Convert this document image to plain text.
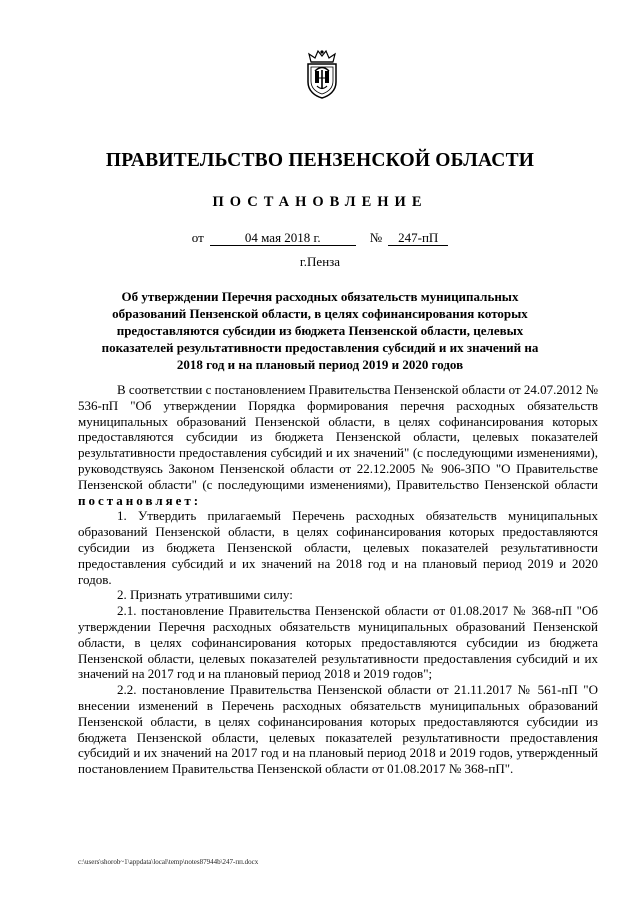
ПРАВИТЕЛЬСТВО ПЕНЗЕНСКОЙ ОБЛАСТИ
ПОСТАНОВЛЕНИЕ
от	04 мая 2018 г.	№ 247-пП
г.Пенза
Об утверждении Перечня расходных обязательств муниципальных образований Пензенской области, в целях софинансирования которых предоставляются субсидии из бюджета Пензенской области, целевых показателей результативности предоставления субсидий и их значений на 2018 год и на плановый период 2019 и 2020 годов

В соответствии с постановлением Правительства Пензенской области от 24.07.2012 № 536-пП "Об утверждении Порядка формирования перечня расходных обязательств муниципальных образований Пензенской области, в целях софинансирования которых предоставляются субсидии из бюджета Пензенской области, целевых показателей результативности предоставления субсидий и их значений" (с последующими изменениями), руководствуясь Законом Пензенской области от 22.12.2005 № 906-ЗПО "О Правительстве Пензенской области" (с последующими изменениями), Правительство Пензенской области постановляет:

1. Утвердить прилагаемый Перечень расходных обязательств муниципальных образований Пензенской области, в целях софинансирования которых предоставляются субсидии из бюджета Пензенской области, целевых показателей результативности предоставления субсидий и их значений на 2018 год и на плановый период 2019 и 2020 годов.

2. Признать утратившими силу:

2.1. постановление Правительства Пензенской области от 01.08.2017 № 368-пП "Об утверждении Перечня расходных обязательств муниципальных образований Пензенской области, в целях софинансирования которых предоставляются субсидии из бюджета Пензенской области, целевых показателей результативности предоставления субсидий и их значений на 2017 год и на плановый период 2018 и 2019 годов";

2.2. постановление Правительства Пензенской области от 21.11.2017 № 561-пП "О внесении изменений в Перечень расходных обязательств муниципальных образований Пензенской области, в целях софинансирования которых предоставляются субсидии из бюджета Пензенской области, целевых показателей результативности предоставления субсидий и их значений на 2017 год и на плановый период 2018 и 2019 годов, утвержденный постановлением Правительства Пензенской области от 01.08.2017 № 368-пП".

c:\users\shorob~1\appdata\local\temp\notes87944b\247-пп.docx
